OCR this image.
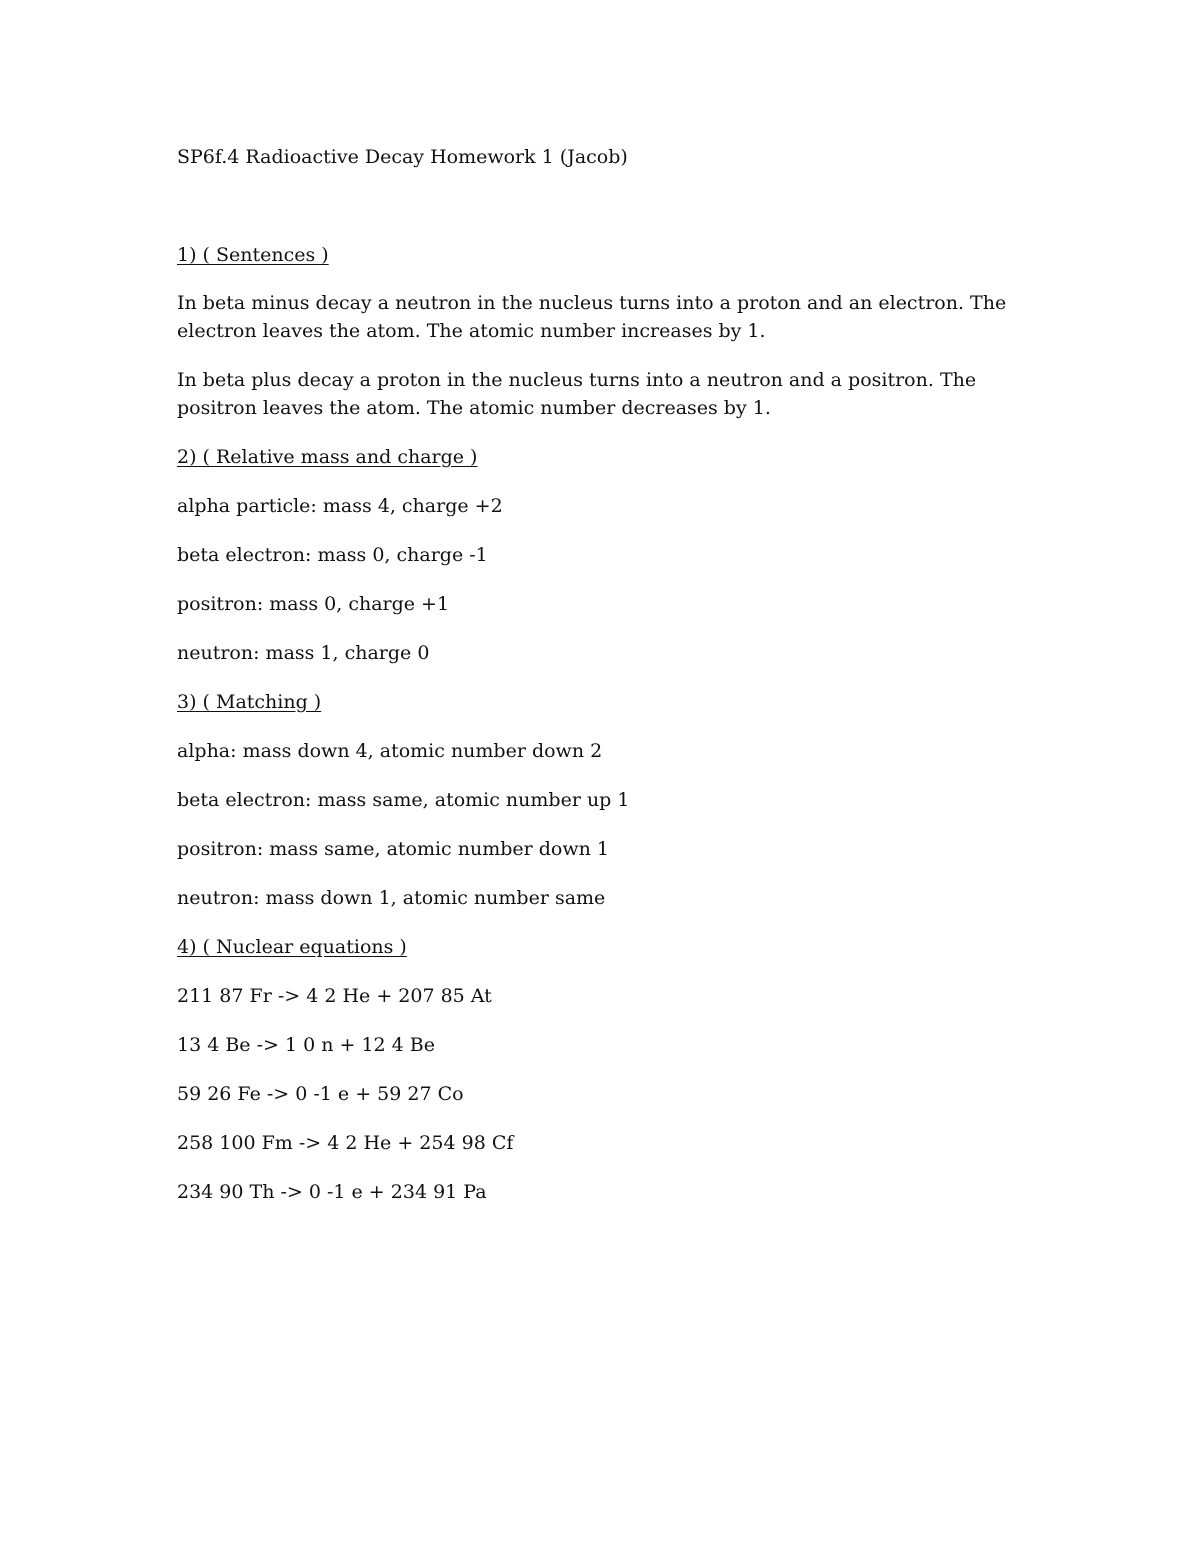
SP6f.4 Radioactive Decay Homework 1 (Jacob)

1) ( Sentences )

In beta minus decay a neutron in the nucleus turns into a proton and an electron. The electron leaves the atom. The atomic number increases by 1.

In beta plus decay a proton in the nucleus turns into a neutron and a positron. The positron leaves the atom. The atomic number decreases by 1.

2) ( Relative mass and charge )

alpha particle: mass 4, charge +2

beta electron: mass 0, charge -1

positron: mass 0, charge +1

neutron: mass 1, charge 0

3) ( Matching )

alpha: mass down 4, atomic number down 2

beta electron: mass same, atomic number up 1

positron: mass same, atomic number down 1

neutron: mass down 1, atomic number same

4) ( Nuclear equations )

211 87 Fr -> 4 2 He + 207 85 At

13 4 Be -> 1 0 n + 12 4 Be

59 26 Fe -> 0 -1 e + 59 27 Co

258 100 Fm -> 4 2 He + 254 98 Cf

234 90 Th -> 0 -1 e + 234 91 Pa
